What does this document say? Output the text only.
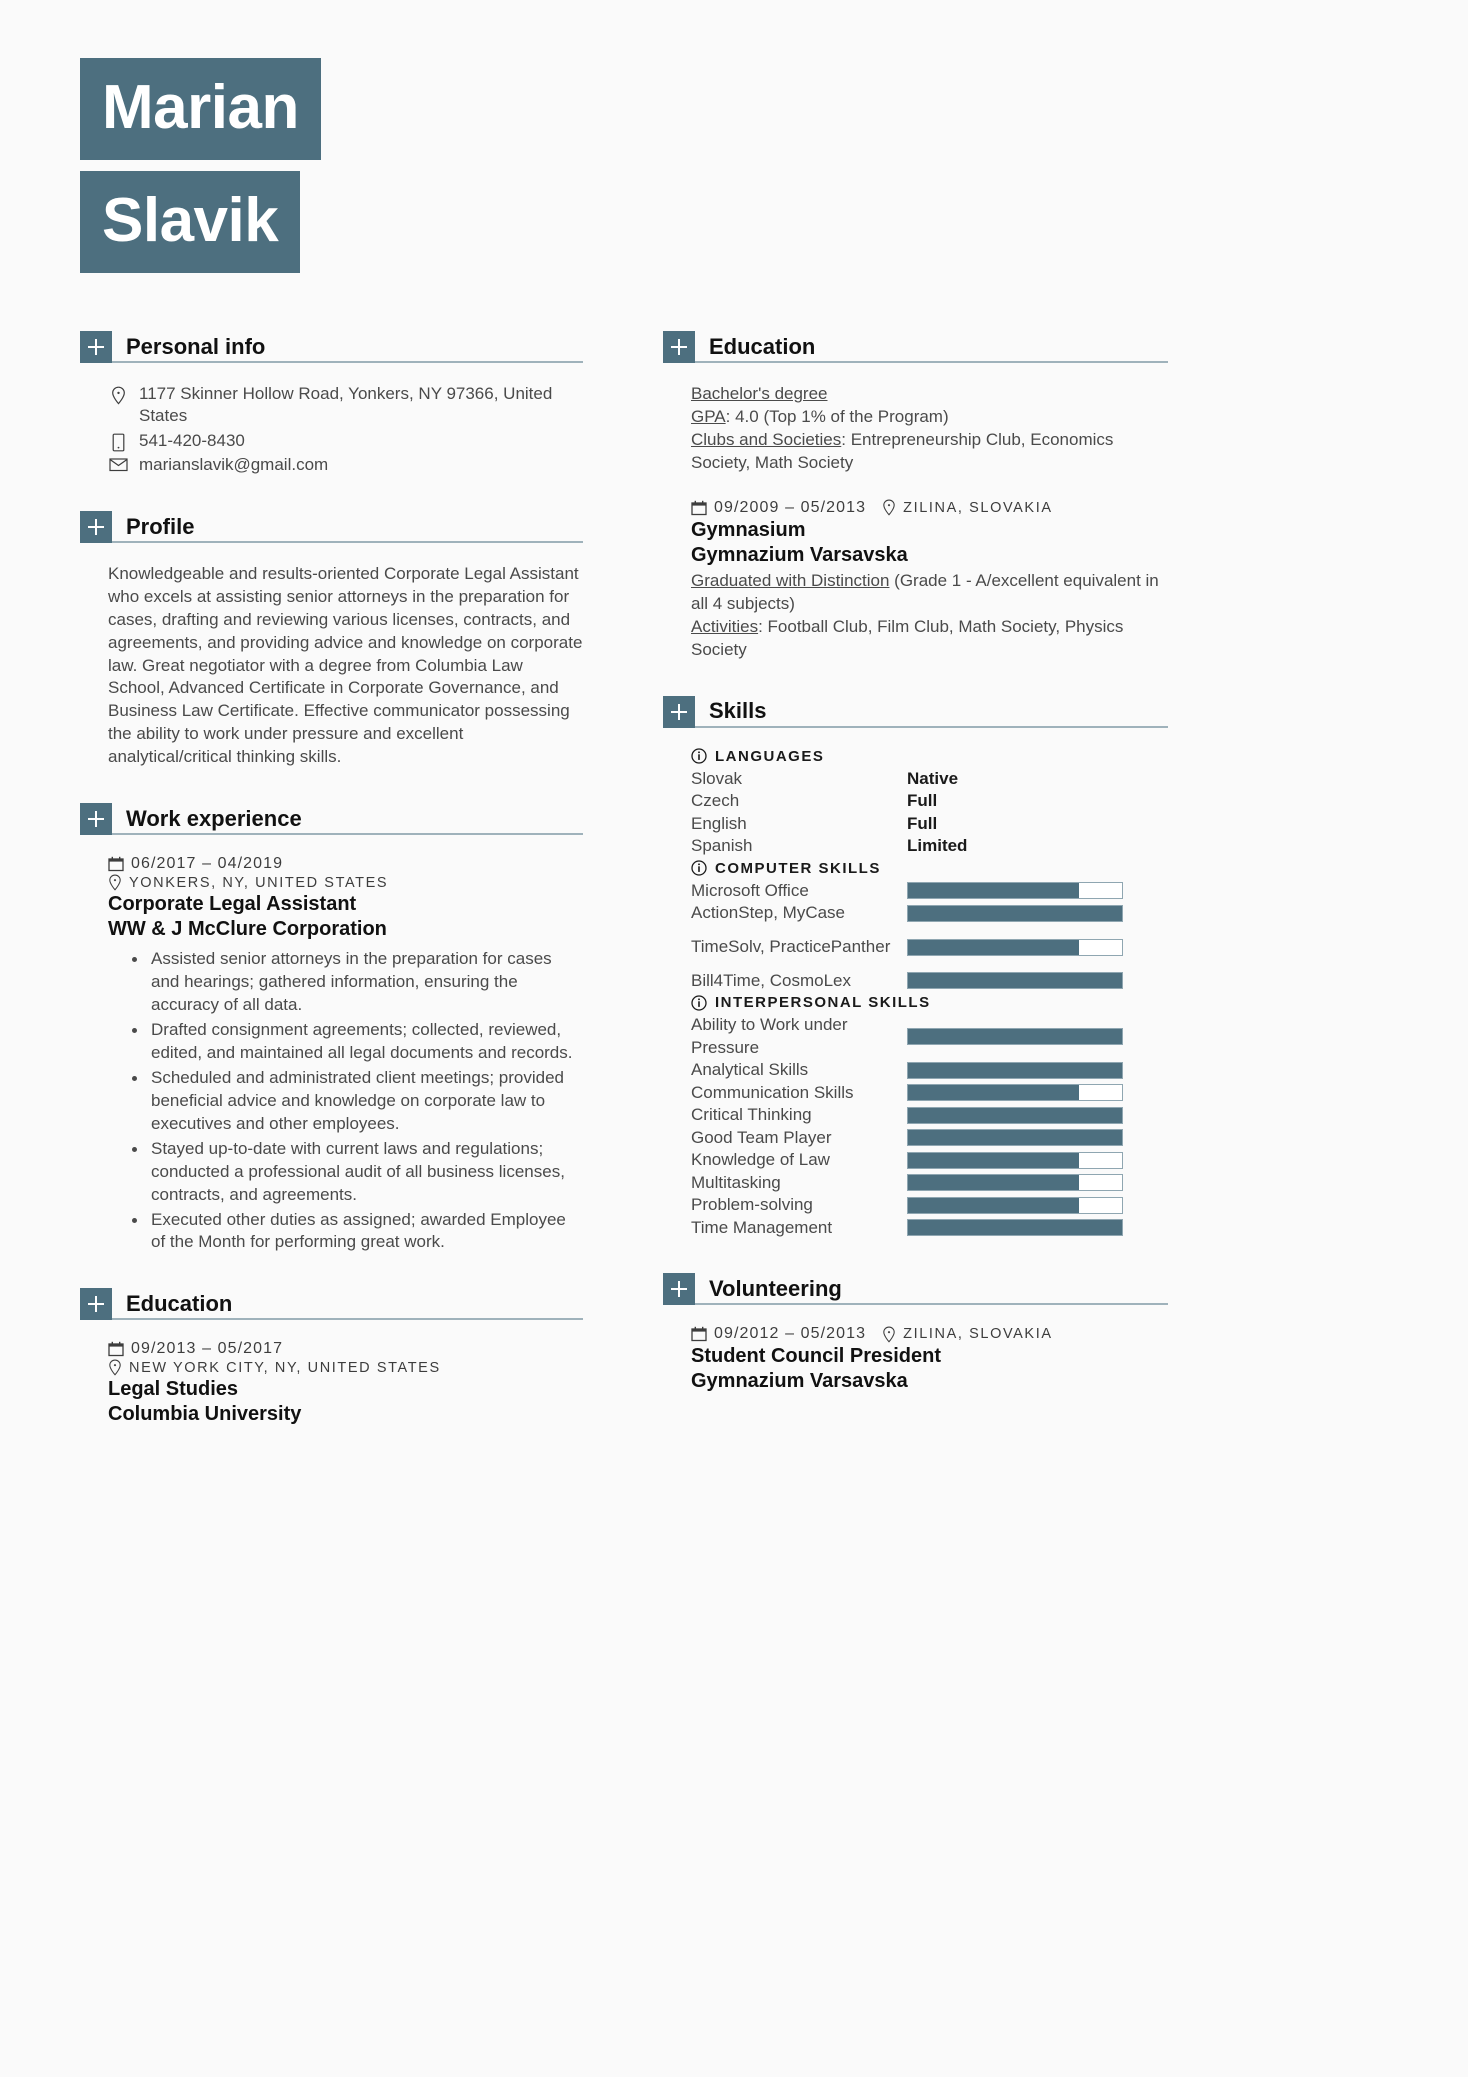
Marian
Slavik
Personal info
1177 Skinner Hollow Road, Yonkers, NY 97366, United States
541-420-8430
marianslavik@gmail.com
Profile
Knowledgeable and results-oriented Corporate Legal Assistant who excels at assisting senior attorneys in the preparation for cases, drafting and reviewing various licenses, contracts, and agreements, and providing advice and knowledge on corporate law. Great negotiator with a degree from Columbia Law School, Advanced Certificate in Corporate Governance, and Business Law Certificate. Effective communicator possessing the ability to work under pressure and excellent analytical/critical thinking skills.
Work experience
06/2017 – 04/2019
YONKERS, NY, UNITED STATES
Corporate Legal Assistant
WW & J McClure Corporation
Assisted senior attorneys in the preparation for cases and hearings; gathered information, ensuring the accuracy of all data.
Drafted consignment agreements; collected, reviewed, edited, and maintained all legal documents and records.
Scheduled and administrated client meetings; provided beneficial advice and knowledge on corporate law to executives and other employees.
Stayed up-to-date with current laws and regulations; conducted a professional audit of all business licenses, contracts, and agreements.
Executed other duties as assigned; awarded Employee of the Month for performing great work.
Education
09/2013 – 05/2017
NEW YORK CITY, NY, UNITED STATES
Legal Studies
Columbia University
Education
Bachelor's degree
GPA: 4.0 (Top 1% of the Program)
Clubs and Societies: Entrepreneurship Club, Economics Society, Math Society
09/2009 – 05/2013	ZILINA, SLOVAKIA
Gymnasium
Gymnazium Varsavska
Graduated with Distinction (Grade 1 - A/excellent equivalent in all 4 subjects)
Activities: Football Club, Film Club, Math Society, Physics Society
Skills
LANGUAGES
Slovak	Native
Czech	Full
English	Full
Spanish	Limited
COMPUTER SKILLS
Microsoft Office
ActionStep, MyCase
TimeSolv, PracticePanther
Bill4Time, CosmoLex
INTERPERSONAL SKILLS
Ability to Work under Pressure
Analytical Skills
Communication Skills
Critical Thinking
Good Team Player
Knowledge of Law
Multitasking
Problem-solving
Time Management
Volunteering
09/2012 – 05/2013	ZILINA, SLOVAKIA
Student Council President
Gymnazium Varsavska
